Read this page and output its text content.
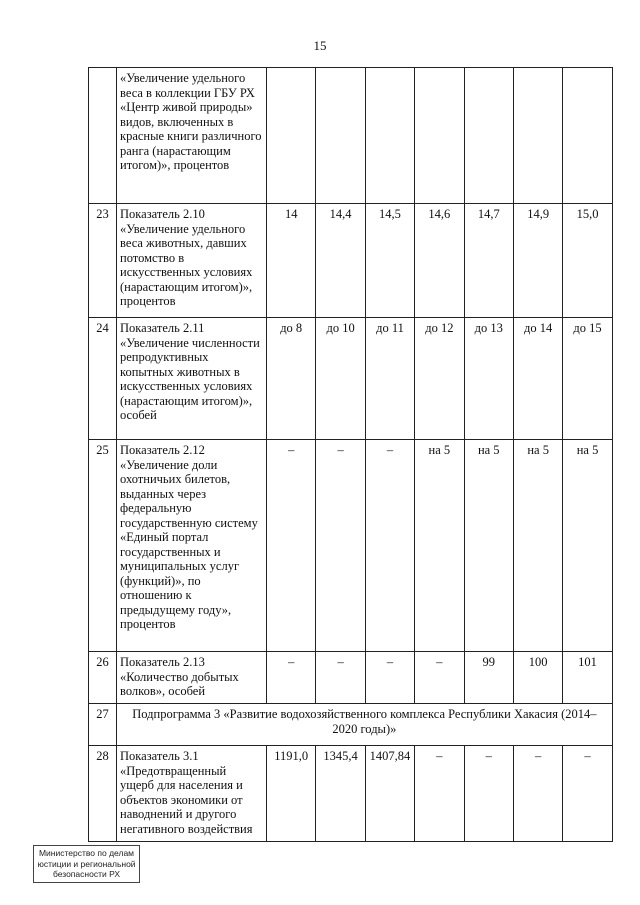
15
	«Увеличение удельного веса в коллекции ГБУ РХ «Центр живой природы» видов, включенных в красные книги различного ранга (нарастающим итогом)», процентов							
23	Показатель 2.10 «Увеличение удельного веса животных, давших потомство в искусственных условиях (нарастающим итогом)», процентов	14	14,4	14,5	14,6	14,7	14,9	15,0
24	Показатель 2.11 «Увеличение численности репродуктивных копытных животных в искусственных условиях (нарастающим итогом)», особей	до 8	до 10	до 11	до 12	до 13	до 14	до 15
25	Показатель 2.12 «Увеличение доли охотничьих билетов, выданных через федеральную государственную систему «Единый портал государственных и муниципальных услуг (функций)», по отношению к предыдущему году», процентов	–	–	–	на 5	на 5	на 5	на 5
26	Показатель 2.13 «Количество добытых волков», особей	–	–	–	–	99	100	101
27	Подпрограмма 3 «Развитие водохозяйственного комплекса Республики Хакасия (2014–2020 годы)»							
28	Показатель 3.1 «Предотвращенный ущерб для населения и объектов экономики от наводнений и другого негативного воздействия	1191,0	1345,4	1407,84	–	–	–	–
Министерство по делам
юстиции и региональной
безопасности РХ
